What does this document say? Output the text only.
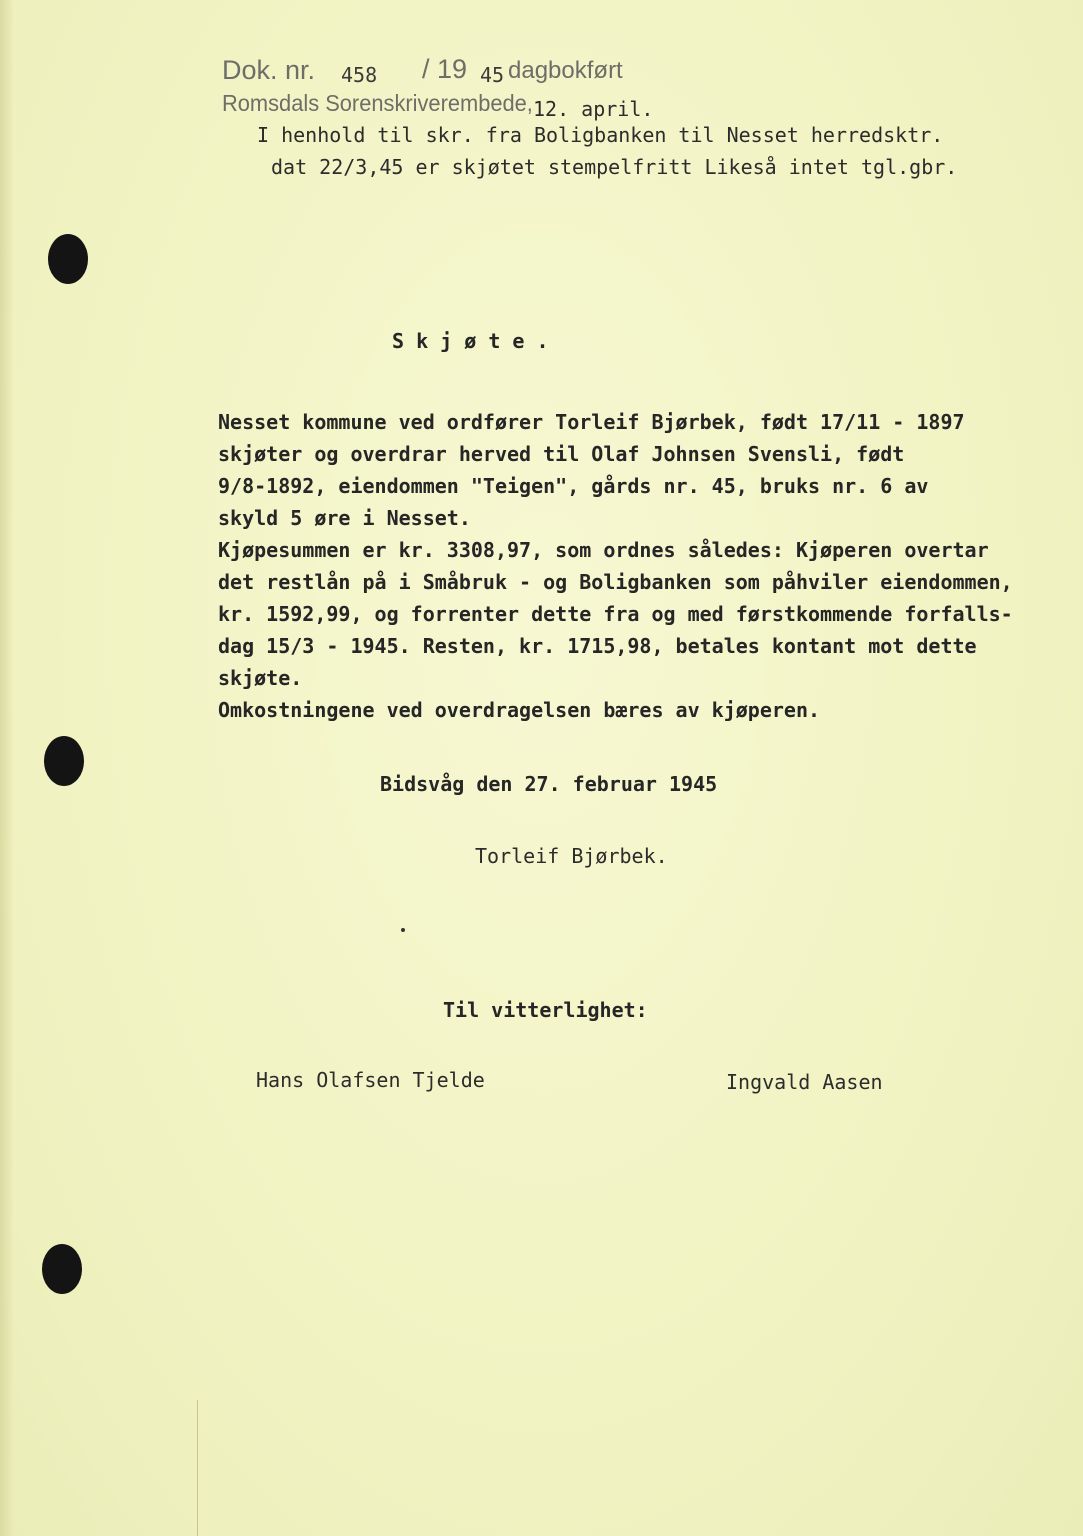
Dok. nr. 458 / 19 45 dagbokført
Romsdals Sorenskriverembede, 12. april.
I henhold til skr. fra Boligbanken til Nesset herredsktr.
dat 22/3,45 er skjøtet stempelfritt Likeså intet tgl.gbr.
S k j ø t e .
Nesset kommune ved ordfører Torleif Bjørbek, født 17/11 - 1897
skjøter og overdrar herved til Olaf Johnsen Svensli, født
9/8-1892, eiendommen "Teigen", gårds nr. 45, bruks nr. 6 av
skyld 5 øre i Nesset.
Kjøpesummen er kr. 3308,97, som ordnes således: Kjøperen overtar
det restlån på i Småbruk - og Boligbanken som påhviler eiendommen,
kr. 1592,99, og forrenter dette fra og med førstkommende forfalls-
dag 15/3 - 1945. Resten, kr. 1715,98, betales kontant mot dette
skjøte.
Omkostningene ved overdragelsen bæres av kjøperen.
Bidsvåg den 27. februar 1945
Torleif Bjørbek.
Til vitterlighet:
Hans Olafsen Tjelde	Ingvald Aasen
